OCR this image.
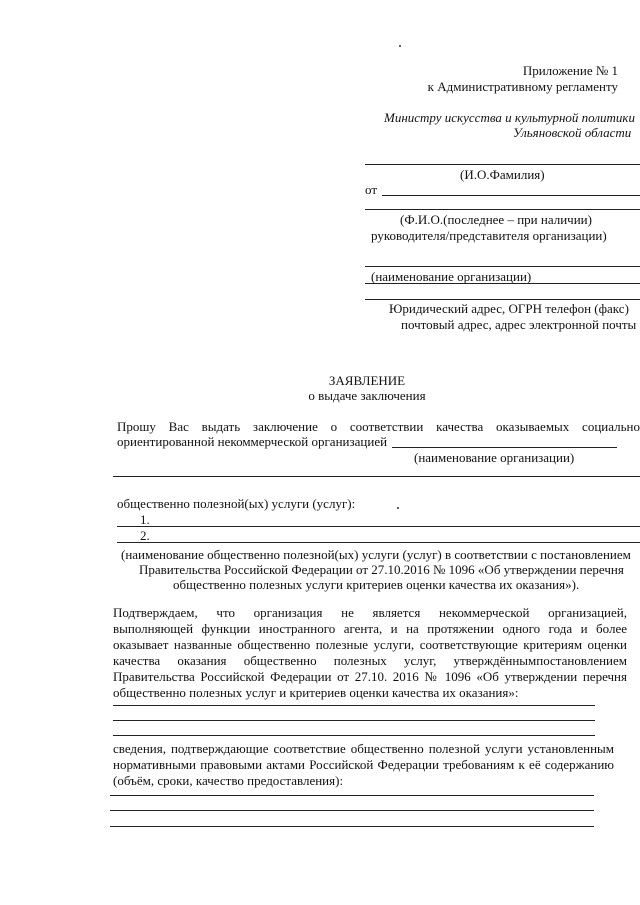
Приложение № 1
к Административному регламенту
Министру искусства и культурной политики
Ульяновской области
(И.О.Фамилия)
от
(Ф.И.О.(последнее – при наличии)
руководителя/представителя организации)
(наименование организации)
Юридический адрес, ОГРН телефон (факс)
почтовый адрес, адрес электронной почты
ЗАЯВЛЕНИЕ
о выдаче заключения
Прошу Вас выдать заключение о соответствии качества оказываемых социально
ориентированной некоммерческой организацией
(наименование организации)
общественно полезной(ых) услуги (услуг):
1.
2.
(наименование общественно полезной(ых) услуги (услуг) в соответствии с постановлением
Правительства Российской Федерации от 27.10.2016 № 1096 «Об утверждении перечня
общественно полезных услуги критериев оценки качества их оказания»).
Подтверждаем, что организация не является некоммерческой организацией,
выполняющей функции иностранного агента, и на протяжении одного года и более
оказывает названные общественно полезные услуги, соответствующие критериям оценки
качества оказания общественно полезных услуг, утверждённымпостановлением
Правительства Российской Федерации от 27.10. 2016 № 1096 «Об утверждении перечня
общественно полезных услуг и критериев оценки качества их оказания»:
сведения, подтверждающие соответствие общественно полезной услуги установленным
нормативными правовыми актами Российской Федерации требованиям к её содержанию
(объём, сроки, качество предоставления):
